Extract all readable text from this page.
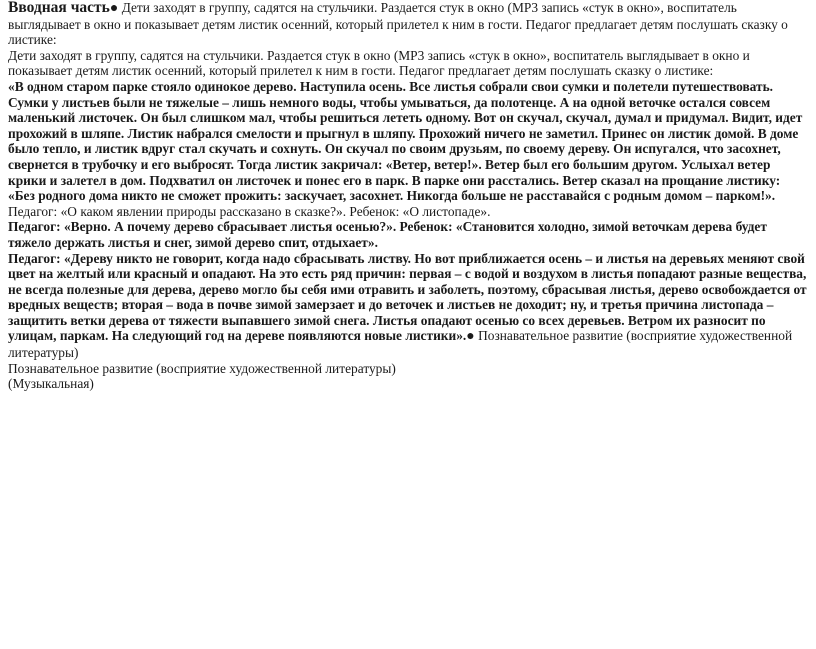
Вводная часть● Дети заходят в группу, садятся на стульчики. Раздается стук в окно (МР3 запись «стук в окно», воспитатель выглядывает в окно и показывает детям листик осенний, который прилетел к ним в гости. Педагог предлагает детям послушать сказку о листике:

Дети заходят в группу, садятся на стульчики. Раздается стук в окно (МР3 запись «стук в окно», воспитатель выглядывает в окно и показывает детям листик осенний, который прилетел к ним в гости. Педагог предлагает детям послушать сказку о листике:

«В одном старом парке стояло одинокое дерево. Наступила осень. Все листья собрали свои сумки и полетели путешествовать. Сумки у листьев были не тяжелые – лишь немного воды, чтобы умываться, да полотенце. А на одной веточке остался совсем маленький листочек. Он был слишком мал, чтобы решиться лететь одному. Вот он скучал, скучал, думал и придумал. Видит, идет прохожий в шляпе. Листик набрался смелости и прыгнул в шляпу. Прохожий ничего не заметил. Принес он листик домой. В доме было тепло, и листик вдруг стал скучать и сохнуть. Он скучал по своим друзьям, по своему дереву. Он испугался, что засохнет, свернется в трубочку и его выбросят. Тогда листик закричал: «Ветер, ветер!». Ветер был его большим другом. Услыхал ветер крики и залетел в дом. Подхватил он листочек и понес его в парк. В парке они расстались. Ветер сказал на прощание листику: «Без родного дома никто не сможет прожить: заскучает, засохнет. Никогда больше не расставайся с родным домом – парком!».

Педагог: «О каком явлении природы рассказано в сказке?». Ребенок: «О листопаде».

Педагог: «Верно. А почему дерево сбрасывает листья осенью?». Ребенок: «Становится холодно, зимой веточкам дерева будет тяжело держать листья и снег, зимой дерево спит, отдыхает».

Педагог: «Дереву никто не говорит, когда надо сбрасывать листву. Но вот приближается осень – и листья на деревьях меняют свой цвет на желтый или красный и опадают. На это есть ряд причин: первая – с водой и воздухом в листья попадают разные вещества, не всегда полезные для дерева, дерево могло бы себя ими отравить и заболеть, поэтому, сбрасывая листья, дерево освобождается от вредных веществ; вторая – вода в почве зимой замерзает и до веточек и листьев не доходит; ну, и третья причина листопада – защитить ветки дерева от тяжести выпавшего зимой снега. Листья опадают осенью со всех деревьев. Ветром их разносит по улицам, паркам. На следующий год на дереве появляются новые листики».● Познавательное развитие (восприятие художественной литературы)

Познавательное развитие (восприятие художественной литературы)

(Музыкальная)
